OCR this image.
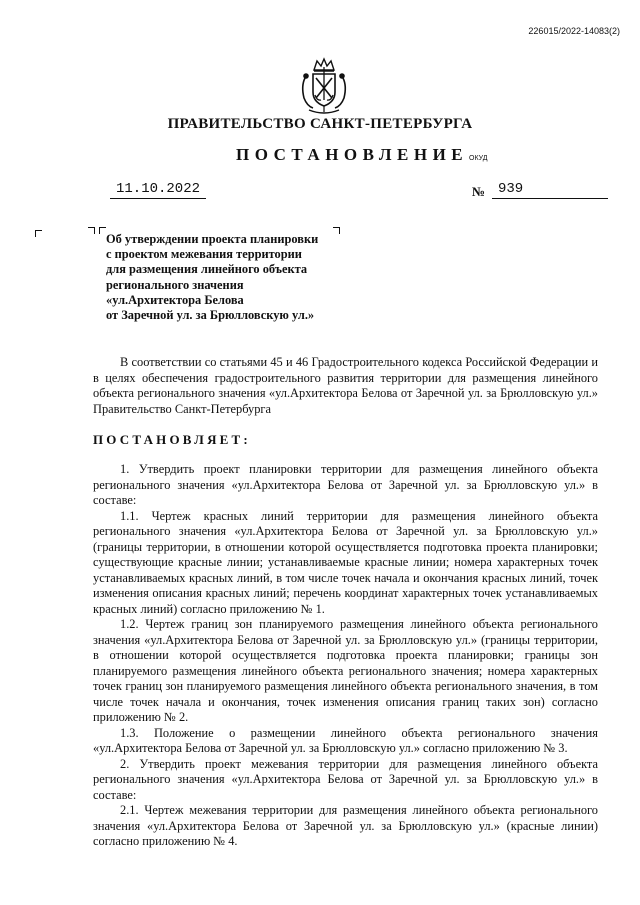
226015/2022-14083(2)
ПРАВИТЕЛЬСТВО САНКТ-ПЕТЕРБУРГА
ПОСТАНОВЛЕНИЕ ОКУД
11.10.2022	№ 939
Об утверждении проекта планировки
с проектом межевания территории
для размещения линейного объекта
регионального значения
«ул.Архитектора Белова
от Заречной ул. за Брюлловскую ул.»
В соответствии со статьями 45 и 46 Градостроительного кодекса Российской Федерации и в целях обеспечения градостроительного развития территории для размещения линейного объекта регионального значения «ул.Архитектора Белова от Заречной ул. за Брюлловскую ул.» Правительство Санкт-Петербурга
ПОСТАНОВЛЯЕТ:

1. Утвердить проект планировки территории для размещения линейного объекта регионального значения «ул.Архитектора Белова от Заречной ул. за Брюлловскую ул.» в составе:

1.1. Чертеж красных линий территории для размещения линейного объекта регионального значения «ул.Архитектора Белова от Заречной ул. за Брюлловскую ул.» (границы территории, в отношении которой осуществляется подготовка проекта планировки; существующие красные линии; устанавливаемые красные линии; номера характерных точек устанавливаемых красных линий, в том числе точек начала и окончания красных линий, точек изменения описания красных линий; перечень координат характерных точек устанавливаемых красных линий) согласно приложению № 1.

1.2. Чертеж границ зон планируемого размещения линейного объекта регионального значения «ул.Архитектора Белова от Заречной ул. за Брюлловскую ул.» (границы территории, в отношении которой осуществляется подготовка проекта планировки; границы зон планируемого размещения линейного объекта регионального значения; номера характерных точек границ зон планируемого размещения линейного объекта регионального значения, в том числе точек начала и окончания, точек изменения описания границ таких зон) согласно приложению № 2.

1.3. Положение о размещении линейного объекта регионального значения «ул.Архитектора Белова от Заречной ул. за Брюлловскую ул.» согласно приложению № 3.

2. Утвердить проект межевания территории для размещения линейного объекта регионального значения «ул.Архитектора Белова от Заречной ул. за Брюлловскую ул.» в составе:

2.1. Чертеж межевания территории для размещения линейного объекта регионального значения «ул.Архитектора Белова от Заречной ул. за Брюлловскую ул.» (красные линии) согласно приложению № 4.
